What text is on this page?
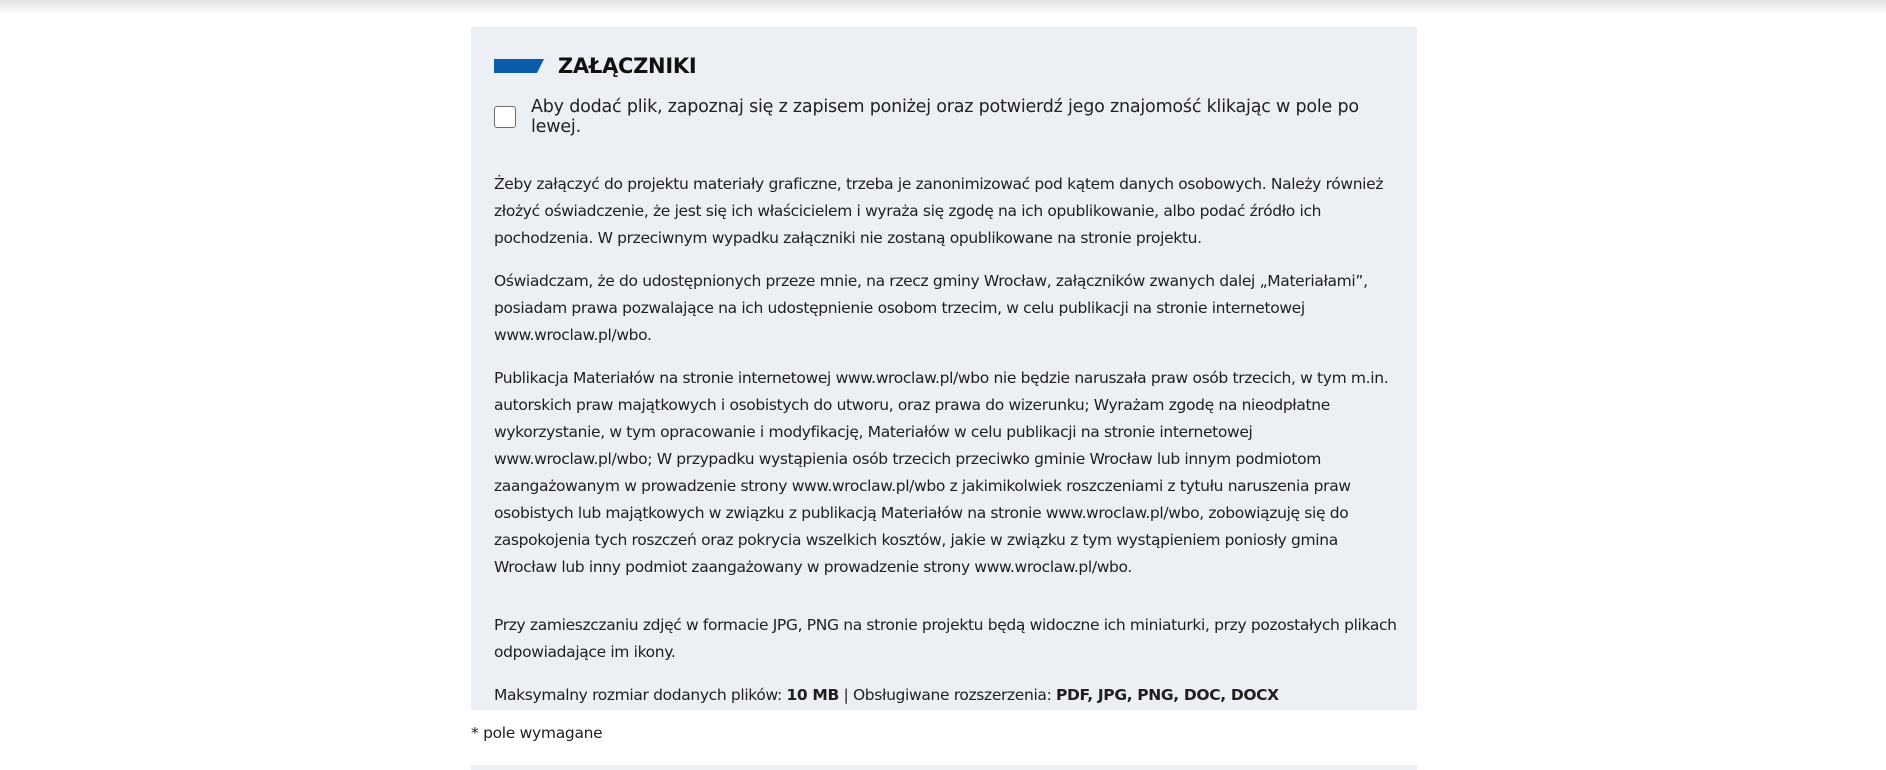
ZAŁĄCZNIKI
Aby dodać plik, zapoznaj się z zapisem poniżej oraz potwierdź jego znajomość klikając w pole po lewej.

Żeby załączyć do projektu materiały graficzne, trzeba je zanonimizować pod kątem danych osobowych. Należy również złożyć oświadczenie, że jest się ich właścicielem i wyraża się zgodę na ich opublikowanie, albo podać źródło ich pochodzenia. W przeciwnym wypadku załączniki nie zostaną opublikowane na stronie projektu.

Oświadczam, że do udostępnionych przeze mnie, na rzecz gminy Wrocław, załączników zwanych dalej „Materiałami”, posiadam prawa pozwalające na ich udostępnienie osobom trzecim, w celu publikacji na stronie internetowej www.wroclaw.pl/wbo.

Publikacja Materiałów na stronie internetowej www.wroclaw.pl/wbo nie będzie naruszała praw osób trzecich, w tym m.in. autorskich praw majątkowych i osobistych do utworu, oraz prawa do wizerunku; Wyrażam zgodę na nieodpłatne wykorzystanie, w tym opracowanie i modyfikację, Materiałów w celu publikacji na stronie internetowej www.wroclaw.pl/wbo; W przypadku wystąpienia osób trzecich przeciwko gminie Wrocław lub innym podmiotom zaangażowanym w prowadzenie strony www.wroclaw.pl/wbo z jakimikolwiek roszczeniami z tytułu naruszenia praw osobistych lub majątkowych w związku z publikacją Materiałów na stronie www.wroclaw.pl/wbo, zobowiązuję się do zaspokojenia tych roszczeń oraz pokrycia wszelkich kosztów, jakie w związku z tym wystąpieniem poniosły gmina Wrocław lub inny podmiot zaangażowany w prowadzenie strony www.wroclaw.pl/wbo.

Przy zamieszczaniu zdjęć w formacie JPG, PNG na stronie projektu będą widoczne ich miniaturki, przy pozostałych plikach odpowiadające im ikony.

Maksymalny rozmiar dodanych plików: 10 MB | Obsługiwane rozszerzenia: PDF, JPG, PNG, DOC, DOCX

* pole wymagane
